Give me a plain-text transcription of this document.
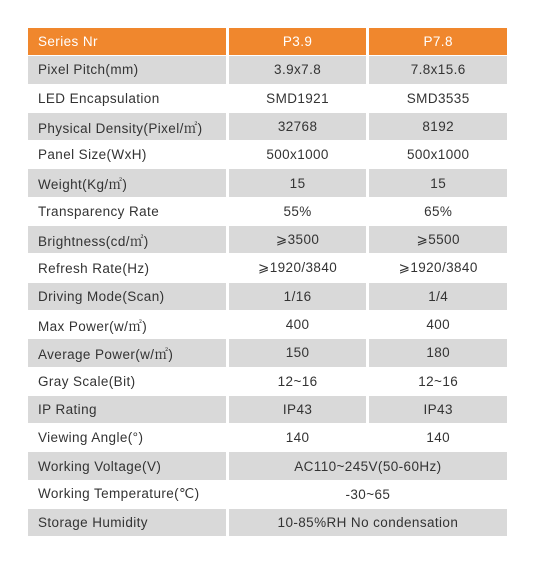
Series Nr	P3.9	P7.8
Pixel Pitch(mm)	3.9x7.8	7.8x15.6
LED Encapsulation	SMD1921	SMD3535
Physical Density(Pixel/㎡)	32768	8192
Panel Size(WxH)	500x1000	500x1000
Weight(Kg/㎡)	15	15
Transparency Rate	55%	65%
Brightness(cd/㎡)	⩾3500	⩾5500
Refresh Rate(Hz)	⩾1920/3840	⩾1920/3840
Driving Mode(Scan)	1/16	1/4
Max Power(w/㎡)	400	400
Average Power(w/㎡)	150	180
Gray Scale(Bit)	12~16	12~16
IP Rating	IP43	IP43
Viewing Angle(°)	140	140
Working Voltage(V)	AC110~245V(50-60Hz)	
Working Temperature(℃)	-30~65	
Storage Humidity	10-85%RH No condensation	
